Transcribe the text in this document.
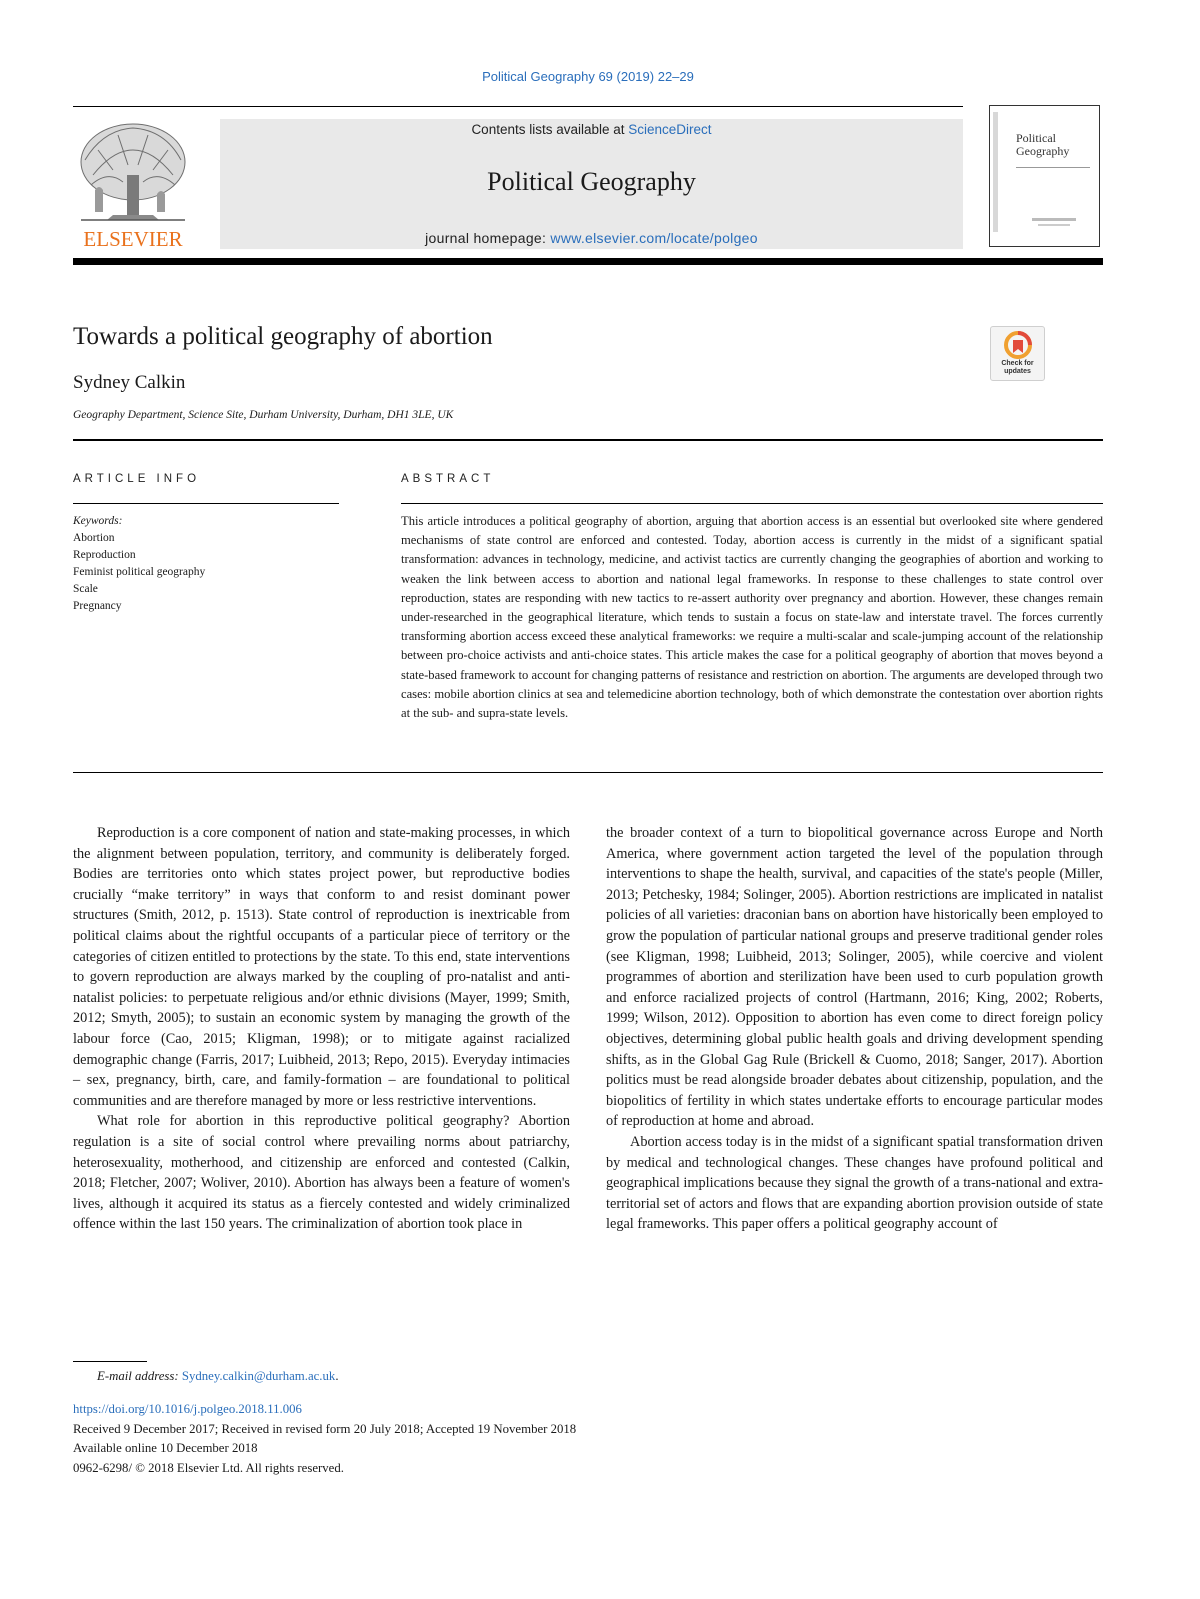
Political Geography 69 (2019) 22–29
ELSEVIER
Contents lists available at ScienceDirect
Political Geography
journal homepage: www.elsevier.com/locate/polgeo
Political
Geography
Towards a political geography of abortion
Check for updates
Sydney Calkin
Geography Department, Science Site, Durham University, Durham, DH1 3LE, UK
ARTICLE INFO	ABSTRACT
Keywords:
Abortion
Reproduction
Feminist political geography
Scale
Pregnancy
This article introduces a political geography of abortion, arguing that abortion access is an essential but overlooked site where gendered mechanisms of state control are enforced and contested. Today, abortion access is currently in the midst of a significant spatial transformation: advances in technology, medicine, and activist tactics are currently changing the geographies of abortion and working to weaken the link between access to abortion and national legal frameworks. In response to these challenges to state control over reproduction, states are responding with new tactics to re-assert authority over pregnancy and abortion. However, these changes remain under-researched in the geographical literature, which tends to sustain a focus on state-law and interstate travel. The forces currently transforming abortion access exceed these analytical frameworks: we require a multi-scalar and scale-jumping account of the relationship between pro-choice activists and anti-choice states. This article makes the case for a political geography of abortion that moves beyond a state-based framework to account for changing patterns of resistance and restriction on abortion. The arguments are developed through two cases: mobile abortion clinics at sea and telemedicine abortion technology, both of which demonstrate the contestation over abortion rights at the sub- and supra-state levels.

Reproduction is a core component of nation and state-making processes, in which the alignment between population, territory, and community is deliberately forged. Bodies are territories onto which states project power, but reproductive bodies crucially “make territory” in ways that conform to and resist dominant power structures (Smith, 2012, p. 1513). State control of reproduction is inextricable from political claims about the rightful occupants of a particular piece of territory or the categories of citizen entitled to protections by the state. To this end, state interventions to govern reproduction are always marked by the coupling of pro-natalist and anti-natalist policies: to perpetuate religious and/or ethnic divisions (Mayer, 1999; Smith, 2012; Smyth, 2005); to sustain an economic system by managing the growth of the labour force (Cao, 2015; Kligman, 1998); or to mitigate against racialized demographic change (Farris, 2017; Luibheid, 2013; Repo, 2015). Everyday intimacies – sex, pregnancy, birth, care, and family-formation – are foundational to political communities and are therefore managed by more or less restrictive interventions.

What role for abortion in this reproductive political geography? Abortion regulation is a site of social control where prevailing norms about patriarchy, heterosexuality, motherhood, and citizenship are enforced and contested (Calkin, 2018; Fletcher, 2007; Woliver, 2010). Abortion has always been a feature of women's lives, although it acquired its status as a fiercely contested and widely criminalized offence within the last 150 years. The criminalization of abortion took place in

the broader context of a turn to biopolitical governance across Europe and North America, where government action targeted the level of the population through interventions to shape the health, survival, and capacities of the state's people (Miller, 2013; Petchesky, 1984; Solinger, 2005). Abortion restrictions are implicated in natalist policies of all varieties: draconian bans on abortion have historically been employed to grow the population of particular national groups and preserve traditional gender roles (see Kligman, 1998; Luibheid, 2013; Solinger, 2005), while coercive and violent programmes of abortion and sterilization have been used to curb population growth and enforce racialized projects of control (Hartmann, 2016; King, 2002; Roberts, 1999; Wilson, 2012). Opposition to abortion has even come to direct foreign policy objectives, determining global public health goals and driving development spending shifts, as in the Global Gag Rule (Brickell & Cuomo, 2018; Sanger, 2017). Abortion politics must be read alongside broader debates about citizenship, population, and the biopolitics of fertility in which states undertake efforts to encourage particular modes of reproduction at home and abroad.

Abortion access today is in the midst of a significant spatial transformation driven by medical and technological changes. These changes have profound political and geographical implications because they signal the growth of a trans-national and extra-territorial set of actors and flows that are expanding abortion provision outside of state legal frameworks. This paper offers a political geography account of

E-mail address: Sydney.calkin@durham.ac.uk.
https://doi.org/10.1016/j.polgeo.2018.11.006
Received 9 December 2017; Received in revised form 20 July 2018; Accepted 19 November 2018
Available online 10 December 2018
0962-6298/ © 2018 Elsevier Ltd. All rights reserved.
